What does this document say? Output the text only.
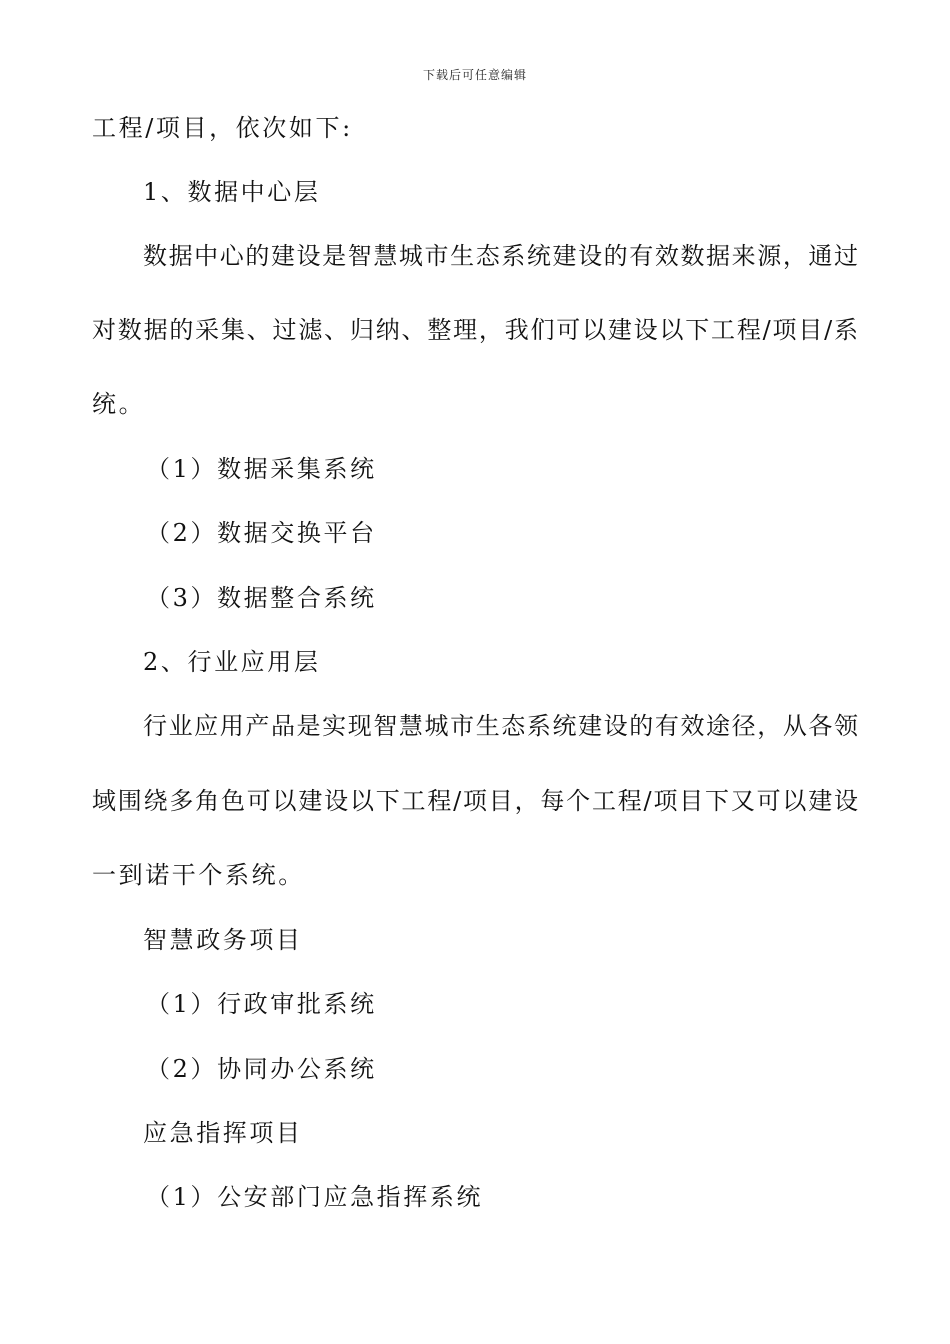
下载后可任意编辑
工程/项目，依次如下:
1、数据中心层
数据中心的建设是智慧城市生态系统建设的有效数据来源，通过
对数据的采集、过滤、归纳、整理，我们可以建设以下工程/项目/系
统。
（1）数据采集系统
（2）数据交换平台
（3）数据整合系统
2、行业应用层
行业应用产品是实现智慧城市生态系统建设的有效途径，从各领
域围绕多角色可以建设以下工程/项目，每个工程/项目下又可以建设
一到诺干个系统。
智慧政务项目
（1）行政审批系统
（2）协同办公系统
应急指挥项目
（1）公安部门应急指挥系统
